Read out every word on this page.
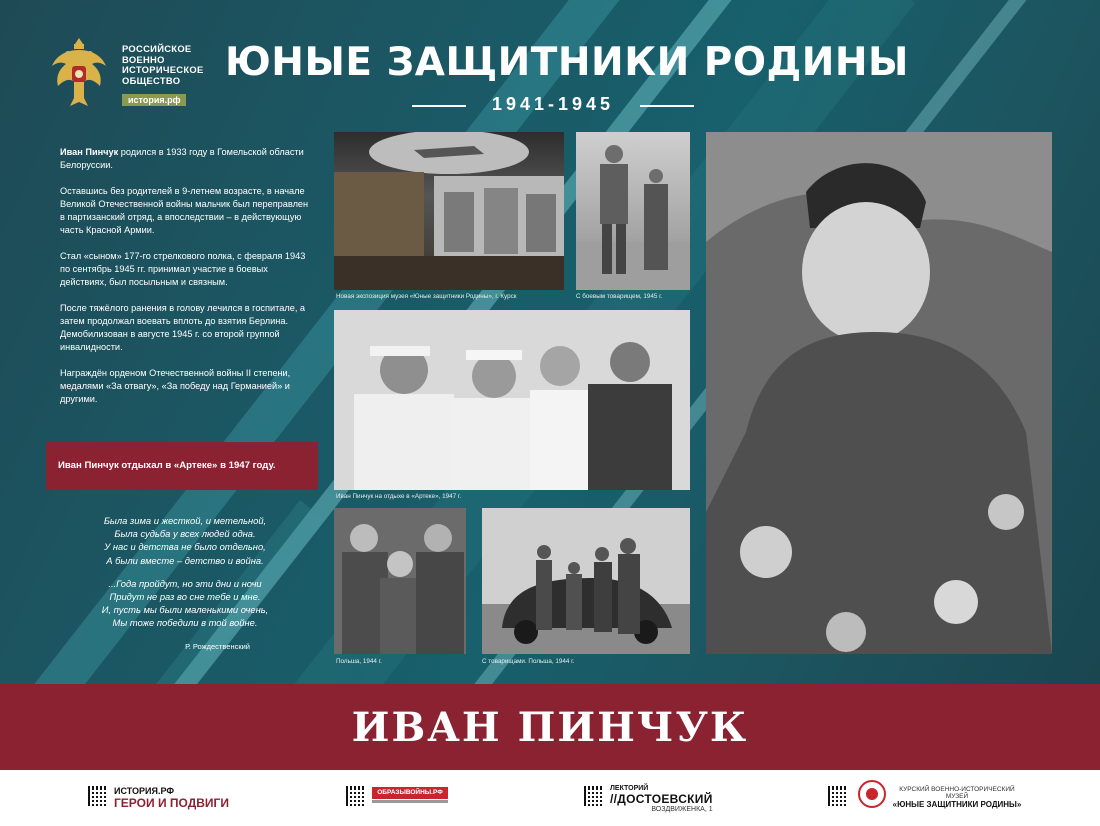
РОССИЙСКОЕ
ВОЕННО
ИСТОРИЧЕСКОЕ
ОБЩЕСТВО
история.рф
ЮНЫЕ ЗАЩИТНИКИ РОДИНЫ
1941-1945

Иван Пинчук родился в 1933 году в Гомельской области Белоруссии.

Оставшись без родителей в 9-летнем возрасте, в начале Великой Отечественной войны мальчик был переправлен в партизанский отряд, а впоследствии – в действующую часть Красной Армии.

Стал «сыном» 177-го стрелкового полка, с февраля 1943 по сентябрь 1945 гг. принимал участие в боевых действиях, был посыльным и связным.

После тяжёлого ранения в голову лечился в госпитале, а затем продолжал воевать вплоть до взятия Берлина. Демобилизован в августе 1945 г. со второй группой инвалидности.

Награждён орденом Отечественной войны II степени, медалями «За отвагу», «За победу над Германией» и другими.

Иван Пинчук отдыхал в «Артеке» в 1947 году.
Была зима и жесткой, и метельной,
Была судьба у всех людей одна.
У нас и детства не было отдельно,
А были вместе – детство и война.
...Года пройдут, но эти дни и ночи
Придут не раз во сне тебе и мне.
И, пусть мы были маленькими очень,
Мы тоже победили в той войне.
Р. Рождественский
Новая экспозиция музея «Юные защитники Родины», г. Курск	С боевым товарищем, 1945 г.
Иван Пинчук на отдыхе в «Артеке», 1947 г.
Польша, 1944 г.	С товарищами. Польша, 1944 г.
ИВАН ПИНЧУК
ИСТОРИЯ.РФ
ГЕРОИ И ПОДВИГИ
ОБРАЗЫВОЙНЫ.РФ
ЛЕКТОРИЙ
//ДОСТОЕВСКИЙ
ВОЗДВИЖЕНКА, 1
КУРСКИЙ ВОЕННО-ИСТОРИЧЕСКИЙ МУЗЕЙ
«ЮНЫЕ ЗАЩИТНИКИ РОДИНЫ»
